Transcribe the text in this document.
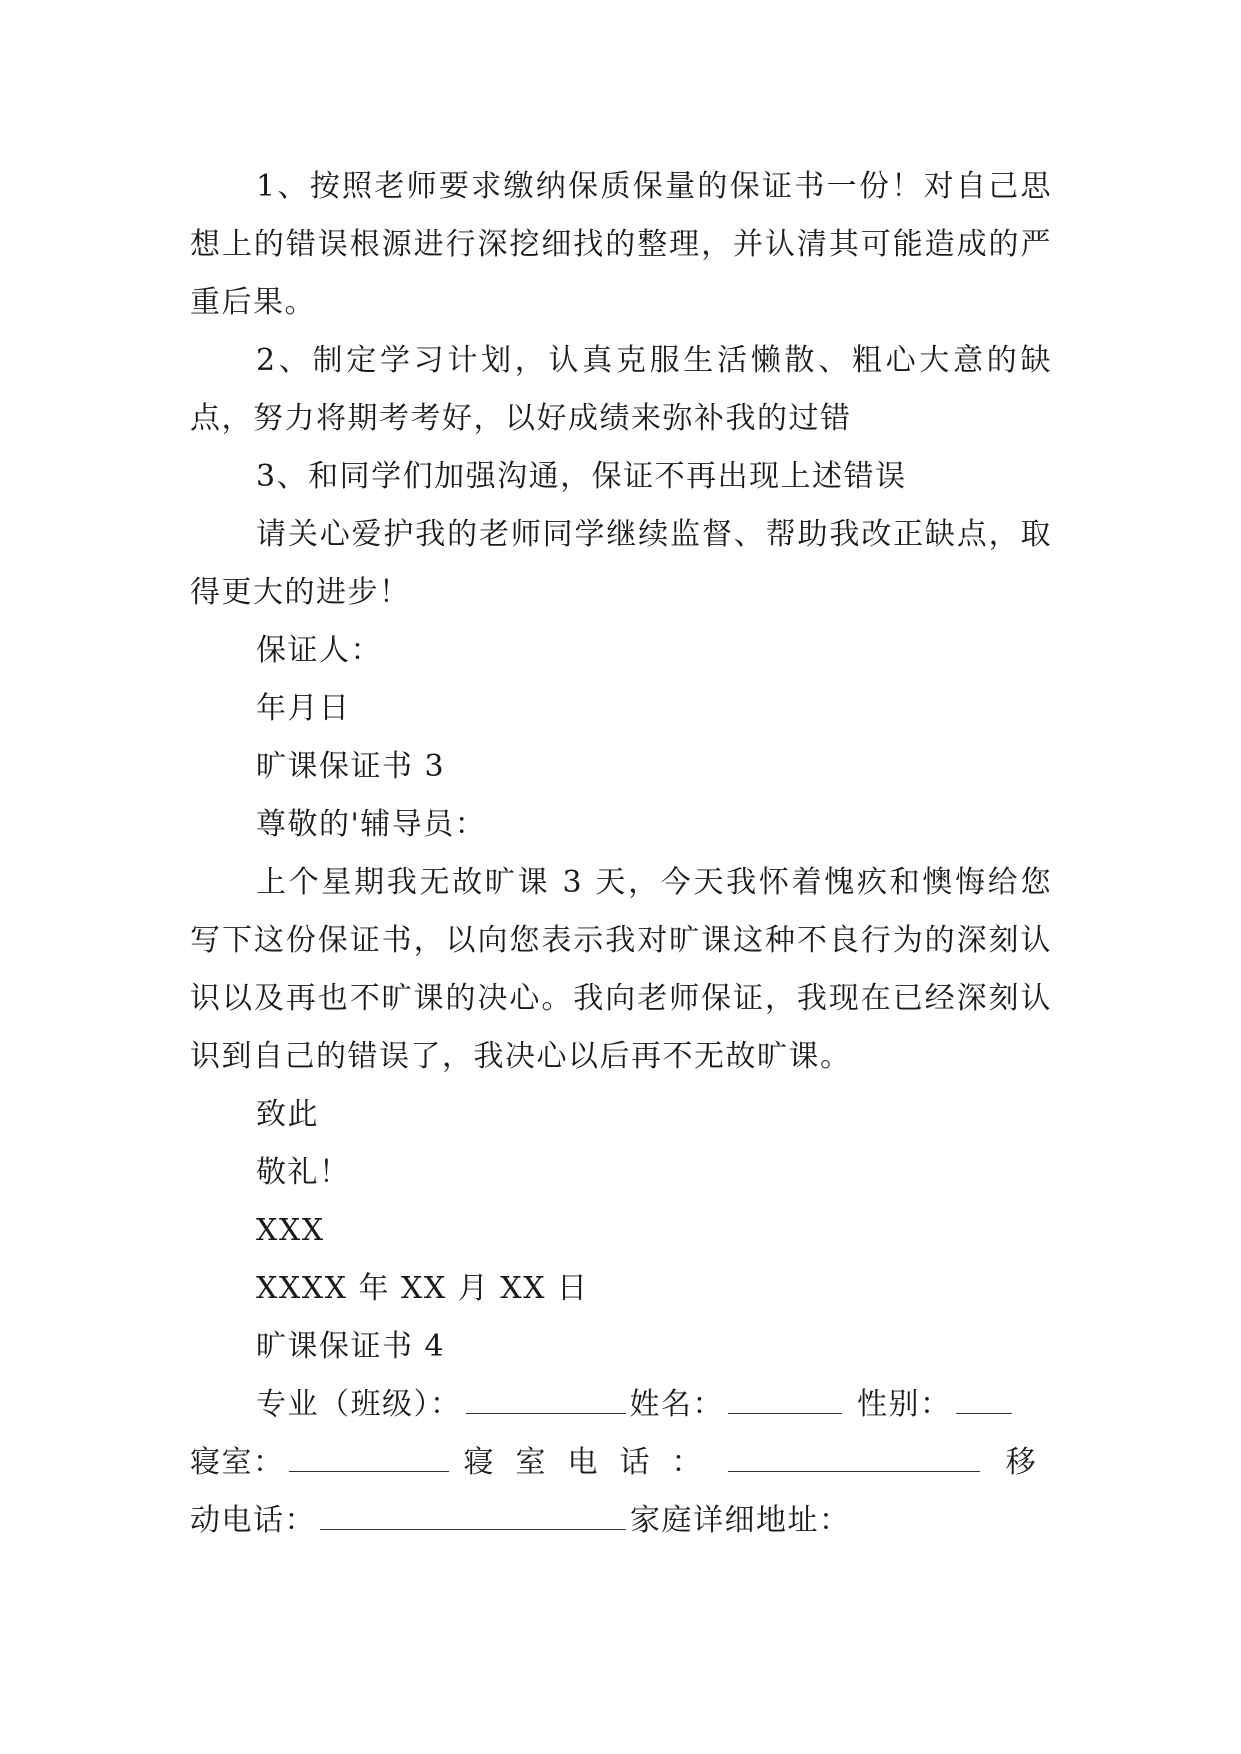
1、按照老师要求缴纳保质保量的保证书一份！对自己思想上的错误根源进行深挖细找的整理，并认清其可能造成的严重后果。

2、制定学习计划，认真克服生活懒散、粗心大意的缺点，努力将期考考好，以好成绩来弥补我的过错

3、和同学们加强沟通，保证不再出现上述错误

请关心爱护我的老师同学继续监督、帮助我改正缺点，取得更大的进步！

保证人：

年月日

旷课保证书 3

尊敬的'辅导员：

上个星期我无故旷课 3 天，今天我怀着愧疚和懊悔给您写下这份保证书，以向您表示我对旷课这种不良行为的深刻认识以及再也不旷课的决心。我向老师保证，我现在已经深刻认识到自己的错误了，我决心以后再不无故旷课。

致此

敬礼！

XXX

XXXX 年 XX 月 XX 日

旷课保证书 4

专业（班级）：	姓名：	性别：

寝室：	寝室电话：	移

动电话：	家庭详细地址：
